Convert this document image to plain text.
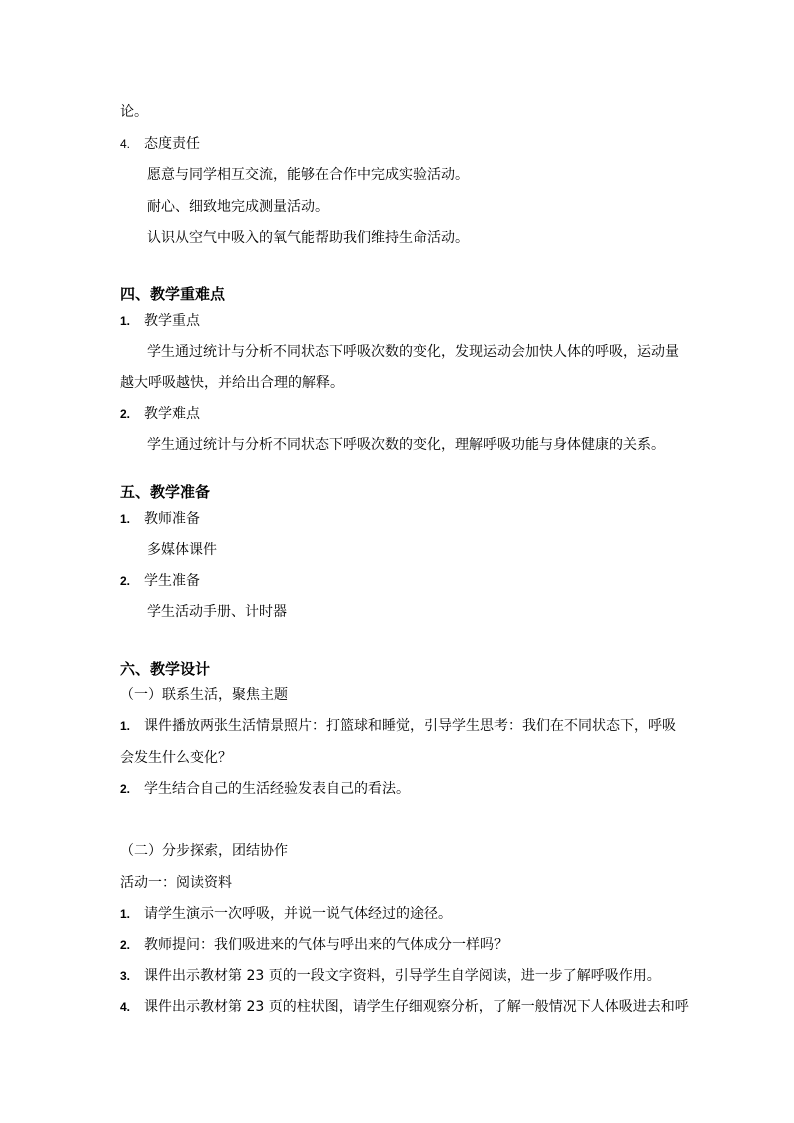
论。
4. 态度责任
愿意与同学相互交流，能够在合作中完成实验活动。
耐心、细致地完成测量活动。
认识从空气中吸入的氧气能帮助我们维持生命活动。
四、教学重难点
1. 教学重点
学生通过统计与分析不同状态下呼吸次数的变化，发现运动会加快人体的呼吸，运动量
越大呼吸越快，并给出合理的解释。
2. 教学难点
学生通过统计与分析不同状态下呼吸次数的变化，理解呼吸功能与身体健康的关系。
五、教学准备
1. 教师准备
多媒体课件
2. 学生准备
学生活动手册、计时器
六、教学设计
（一）联系生活，聚焦主题
1. 课件播放两张生活情景照片：打篮球和睡觉，引导学生思考：我们在不同状态下，呼吸
会发生什么变化？
2. 学生结合自己的生活经验发表自己的看法。
（二）分步探索，团结协作
活动一：阅读资料
1. 请学生演示一次呼吸，并说一说气体经过的途径。
2. 教师提问：我们吸进来的气体与呼出来的气体成分一样吗？
3. 课件出示教材第 23 页的一段文字资料，引导学生自学阅读，进一步了解呼吸作用。
4. 课件出示教材第 23 页的柱状图，请学生仔细观察分析，了解一般情况下人体吸进去和呼
